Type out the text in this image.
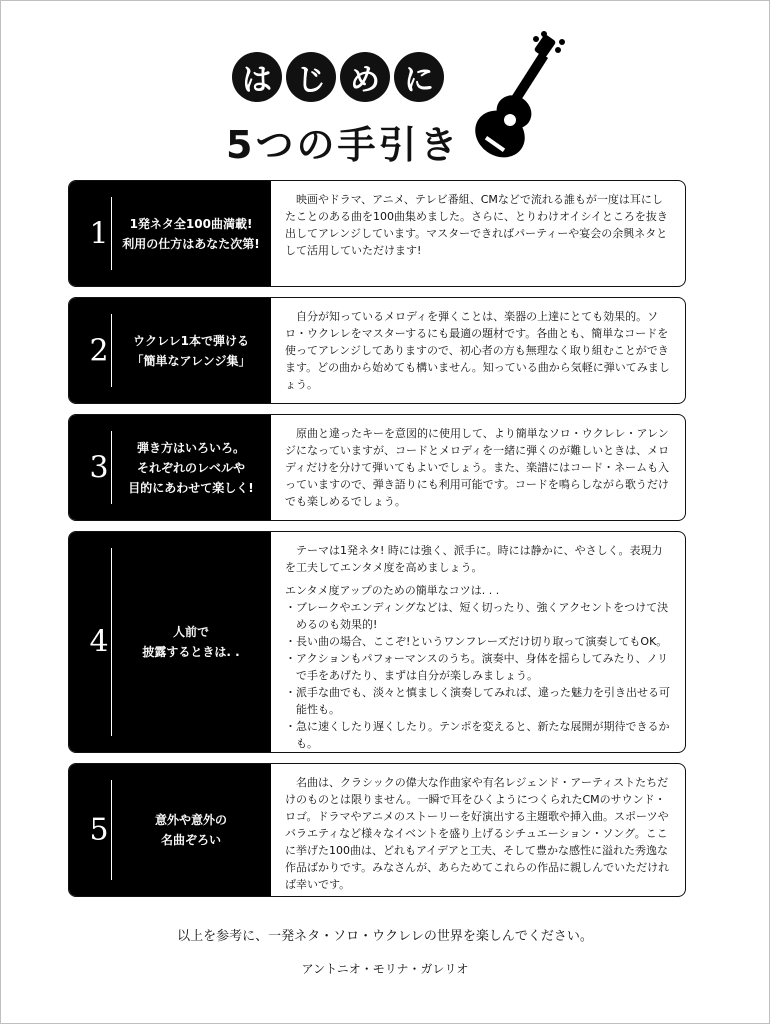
は じ め に
5つの手引き
1	1発ネタ全100曲満載!
利用の仕方はあなた次第!

映画やドラマ、アニメ、テレビ番組、CMなどで流れる誰もが一度は耳にしたことのある曲を100曲集めました。さらに、とりわけオイシイところを抜き出してアレンジしています。マスターできればパーティーや宴会の余興ネタとして活用していただけます!

2	ウクレレ1本で弾ける
「簡単なアレンジ集」

自分が知っているメロディを弾くことは、楽器の上達にとても効果的。ソロ・ウクレレをマスターするにも最適の題材です。各曲とも、簡単なコードを使ってアレンジしてありますので、初心者の方も無理なく取り組むことができます。どの曲から始めても構いません。知っている曲から気軽に弾いてみましょう。

3
弾き方はいろいろ。
それぞれのレベルや
目的にあわせて楽しく!

原曲と違ったキーを意図的に使用して、より簡単なソロ・ウクレレ・アレンジになっていますが、コードとメロディを一緒に弾くのが難しいときは、メロディだけを分けて弾いてもよいでしょう。また、楽譜にはコード・ネームも入っていますので、弾き語りにも利用可能です。コードを鳴らしながら歌うだけでも楽しめるでしょう。

4	人前で
披露するときは. .

テーマは1発ネタ! 時には強く、派手に。時には静かに、やさしく。表現力を工夫してエンタメ度を高めましょう。

エンタメ度アップのための簡単なコツは. . .
・ブレークやエンディングなどは、短く切ったり、強くアクセントをつけて決めるのも効果的!
・長い曲の場合、ここぞ!というワンフレーズだけ切り取って演奏してもOK。
・アクションもパフォーマンスのうち。演奏中、身体を揺らしてみたり、ノリで手をあげたり、まずは自分が楽しみましょう。
・派手な曲でも、淡々と慎ましく演奏してみれば、違った魅力を引き出せる可能性も。
・急に速くしたり遅くしたり。テンポを変えると、新たな展開が期待できるかも。
5	意外や意外の
名曲ぞろい

名曲は、クラシックの偉大な作曲家や有名レジェンド・アーティストたちだけのものとは限りません。一瞬で耳をひくようにつくられたCMのサウンド・ロゴ。ドラマやアニメのストーリーを好演出する主題歌や挿入曲。スポーツやバラエティなど様々なイベントを盛り上げるシチュエーション・ソング。ここに挙げた100曲は、どれもアイデアと工夫、そして豊かな感性に溢れた秀逸な作品ばかりです。みなさんが、あらためてこれらの作品に親しんでいただければ幸いです。

以上を参考に、一発ネタ・ソロ・ウクレレの世界を楽しんでください。
アントニオ・モリナ・ガレリオ
